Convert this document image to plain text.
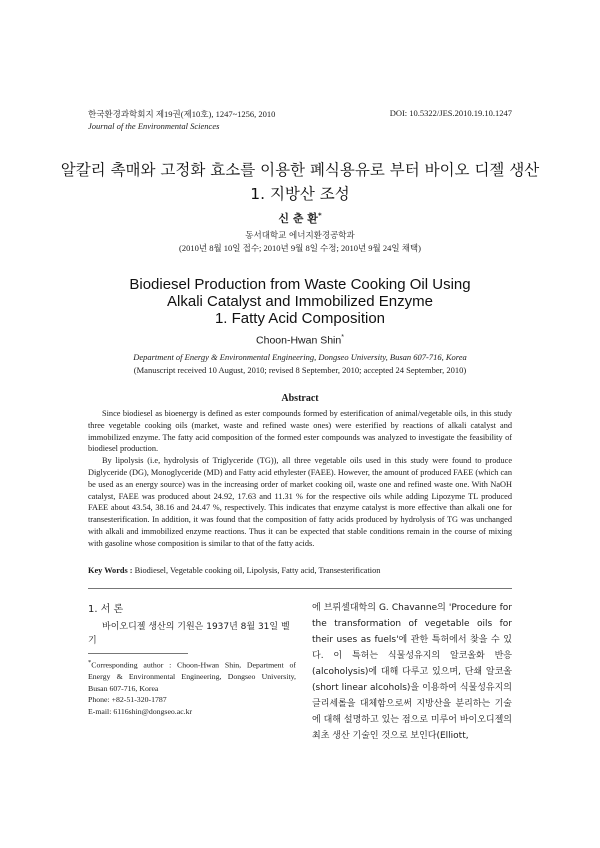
한국환경과학회지 제19권(제10호), 1247~1256, 2010
Journal of the Environmental Sciences
DOI: 10.5322/JES.2010.19.10.1247
알칼리 촉매와 고정화 효소를 이용한 폐식용유로 부터 바이오 디젤 생산
1. 지방산 조성
신 춘 환*
동서대학교 에너지환경공학과
(2010년 8월 10일 접수; 2010년 9월 8일 수정; 2010년 9월 24일 채택)
Biodiesel Production from Waste Cooking Oil Using
Alkali Catalyst and Immobilized Enzyme
1. Fatty Acid Composition
Choon-Hwan Shin*
Department of Energy & Environmental Engineering, Dongseo University, Busan 607-716, Korea
(Manuscript received 10 August, 2010; revised 8 September, 2010; accepted 24 September, 2010)
Abstract

Since biodiesel as bioenergy is defined as ester compounds formed by esterification of animal/vegetable oils, in this study three vegetable cooking oils (market, waste and refined waste ones) were esterified by reactions of alkali catalyst and immobilized enzyme. The fatty acid composition of the formed ester compounds was analyzed to investigate the feasibility of biodiesel production.

By lipolysis (i.e, hydrolysis of Triglyceride (TG)), all three vegetable oils used in this study were found to produce Diglyceride (DG), Monoglyceride (MD) and Fatty acid ethylester (FAEE). However, the amount of produced FAEE (which can be used as an energy source) was in the increasing order of market cooking oil, waste one and refined waste one. With NaOH catalyst, FAEE was produced about 24.92, 17.63 and 11.31 % for the respective oils while adding Lipozyme TL produced FAEE about 43.54, 38.16 and 24.47 %, respectively. This indicates that enzyme catalyst is more effective than alkali one for transesterification. In addition, it was found that the composition of fatty acids produced by hydrolysis of TG was unchanged with alkali and immobilized enzyme reactions. Thus it can be expected that stable conditions remain in the course of mixing with gasoline whose composition is similar to that of the fatty acids.

Key Words : Biodiesel, Vegetable cooking oil, Lipolysis, Fatty acid, Transesterification
1. 서 론
바이오디젤 생산의 기원은 1937년 8월 31일 벨기

*Corresponding author : Choon-Hwan Shin, Department of Energy & Environmental Engineering, Dongseo University, Busan 607-716, Korea

Phone: +82-51-320-1787

E-mail: 6116shin@dongseo.ac.kr

에 브뤼셀대학의 G. Chavanne의 'Procedure for the transformation of vegetable oils for their uses as fuels'에 관한 특허에서 찾을 수 있다. 이 특허는 식물성유지의 알코올화 반응(alcoholysis)에 대해 다루고 있으며, 단쇄 알코올(short linear alcohols)을 이용하여 식물성유지의 글리세롤을 대체함으로써 지방산을 분리하는 기술에 대해 설명하고 있는 점으로 미루어 바이오디젤의 최초 생산 기술인 것으로 보인다(Elliott,
